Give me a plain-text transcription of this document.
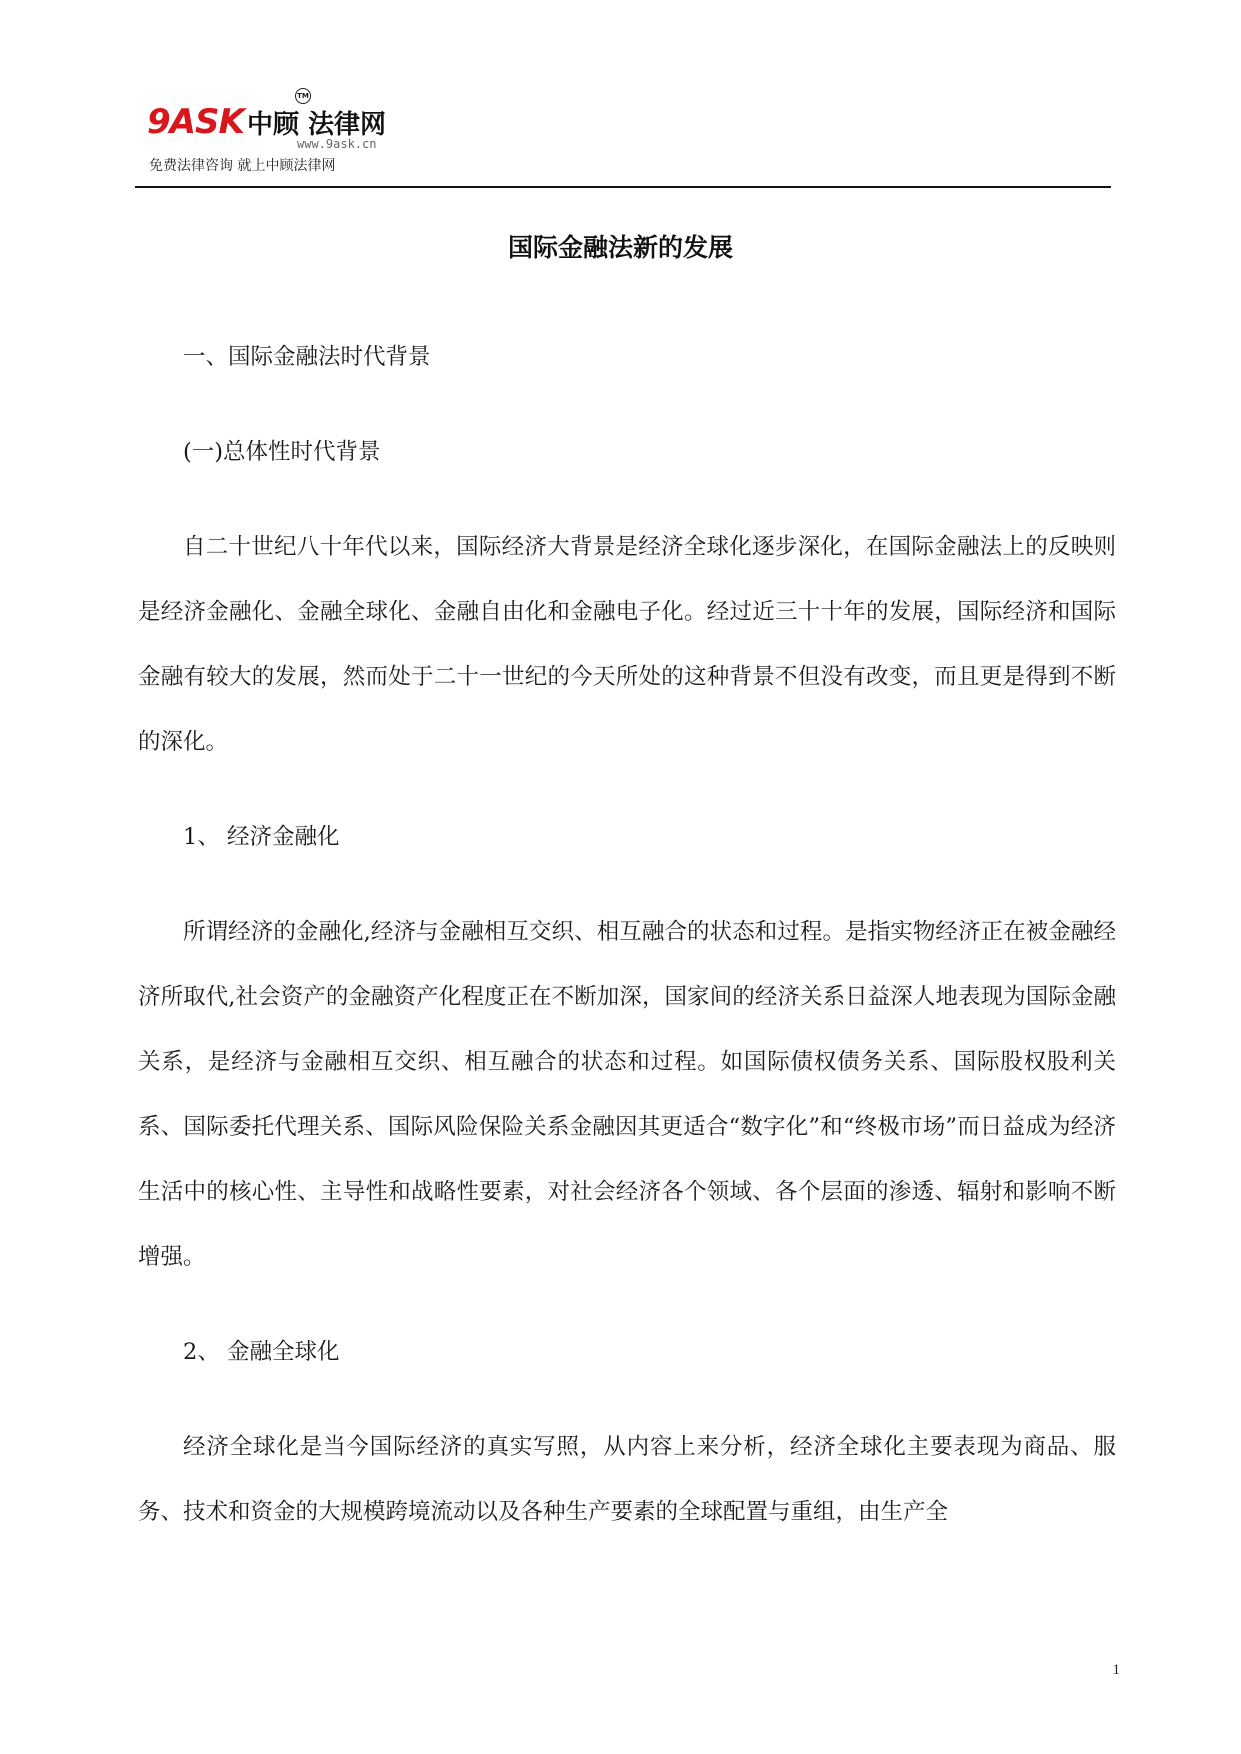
9ASK 中顾 法律网
TM
www.9ask.cn
免费法律咨询 就上中顾法律网
国际金融法新的发展

一、国际金融法时代背景

(一)总体性时代背景

自二十世纪八十年代以来，国际经济大背景是经济全球化逐步深化，在国际金融法上的反映则是经济金融化、金融全球化、金融自由化和金融电子化。经过近三十十年的发展，国际经济和国际金融有较大的发展，然而处于二十一世纪的今天所处的这种背景不但没有改变，而且更是得到不断的深化。

1、 经济金融化

所谓经济的金融化,经济与金融相互交织、相互融合的状态和过程。是指实物经济正在被金融经济所取代,社会资产的金融资产化程度正在不断加深，国家间的经济关系日益深人地表现为国际金融关系，是经济与金融相互交织、相互融合的状态和过程。如国际债权债务关系、国际股权股利关系、国际委托代理关系、国际风险保险关系金融因其更适合“数字化”和“终极市场”而日益成为经济生活中的核心性、主导性和战略性要素，对社会经济各个领域、各个层面的渗透、辐射和影响不断增强。

2、 金融全球化

经济全球化是当今国际经济的真实写照，从内容上来分析，经济全球化主要表现为商品、服务、技术和资金的大规模跨境流动以及各种生产要素的全球配置与重组，由生产全

1
